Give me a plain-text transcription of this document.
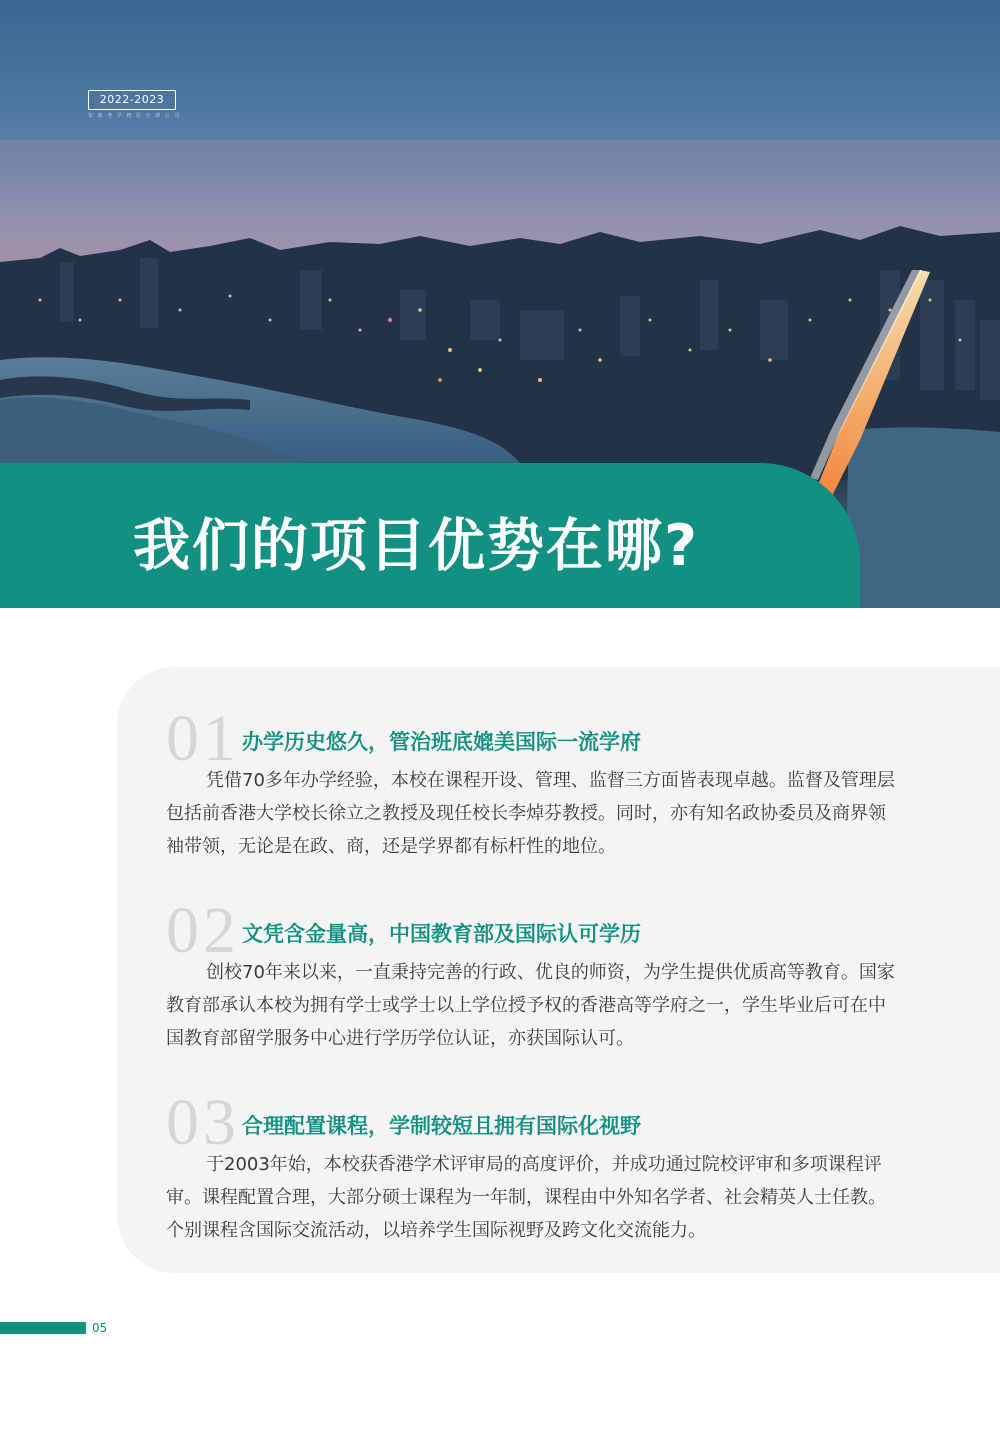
2022-2023
东 就 考 学 初 位 全 球 公 司
我们的项目优势在哪?
01 办学历史悠久，管治班底媲美国际一流学府

凭借70多年办学经验，本校在课程开设、管理、监督三方面皆表现卓越。监督及管理层包括前香港大学校长徐立之教授及现任校长李焯芬教授。同时，亦有知名政协委员及商界领袖带领，无论是在政、商，还是学界都有标杆性的地位。

02 文凭含金量高，中国教育部及国际认可学历

创校70年来以来，一直秉持完善的行政、优良的师资，为学生提供优质高等教育。国家教育部承认本校为拥有学士或学士以上学位授予权的香港高等学府之一，学生毕业后可在中国教育部留学服务中心进行学历学位认证，亦获国际认可。

03 合理配置课程，学制较短且拥有国际化视野

于2003年始，本校获香港学术评审局的高度评价，并成功通过院校评审和多项课程评审。课程配置合理，大部分硕士课程为一年制，课程由中外知名学者、社会精英人士任教。个别课程含国际交流活动，以培养学生国际视野及跨文化交流能力。

05
